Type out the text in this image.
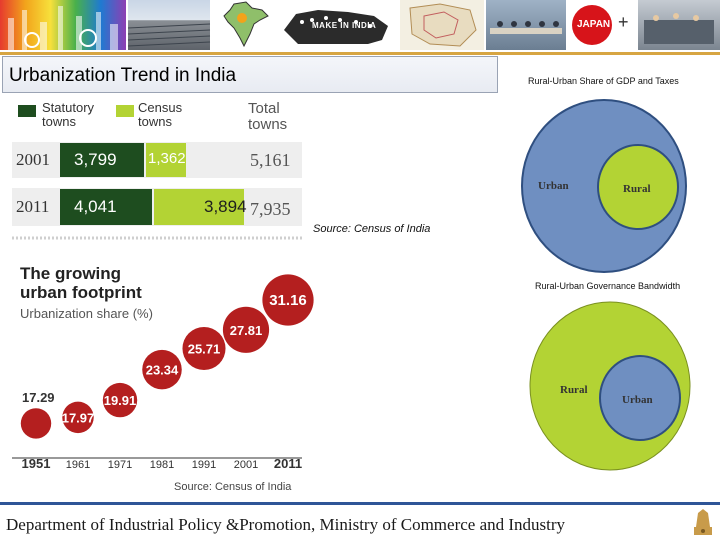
MAKE IN INDIA	JAPAN +
Urbanization Trend in India
17.29
1951
17.97
1961
19.91
1971
23.34
1981
25.71
1991
27.81
2001
31.16
2011
Statutory towns
Census towns
Total towns
2001 3,799 1,362	5,161
2011 4,041	3,894 7,935
The growing urban footprint
Urbanization share (%)
Source: Census of India
Source: Census of India
Rural-Urban Share of GDP and Taxes
Urban	Rural
Rural-Urban Governance Bandwidth
Rural
Urban
Department of Industrial Policy &Promotion, Ministry of Commerce and Industry
